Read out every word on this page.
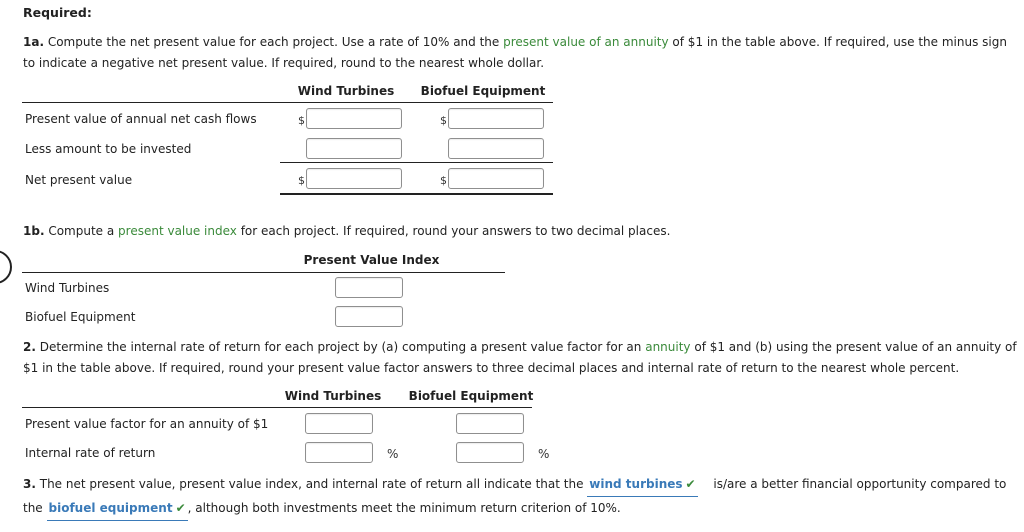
Required:
1a. Compute the net present value for each project. Use a rate of 10% and the present value of an annuity of $1 in the table above. If required, use the minus sign to indicate a negative net present value. If required, round to the nearest whole dollar.
Wind Turbines Biofuel Equipment
Present value of annual net cash flows	$	$
Less amount to be invested
Net present value	$	$
1b. Compute a present value index for each project. If required, round your answers to two decimal places.
Present Value Index
Wind Turbines
Biofuel Equipment
2. Determine the internal rate of return for each project by (a) computing a present value factor for an annuity of $1 and (b) using the present value of an annuity of $1 in the table above. If required, round your present value factor answers to three decimal places and internal rate of return to the nearest whole percent.
Wind Turbines Biofuel Equipment
Present value factor for an annuity of $1
Internal rate of return	%	%
3. The net present value, present value index, and internal rate of return all indicate that the wind turbines ✔ is/are a better financial opportunity compared to the biofuel equipment ✔ , although both investments meet the minimum return criterion of 10%.
